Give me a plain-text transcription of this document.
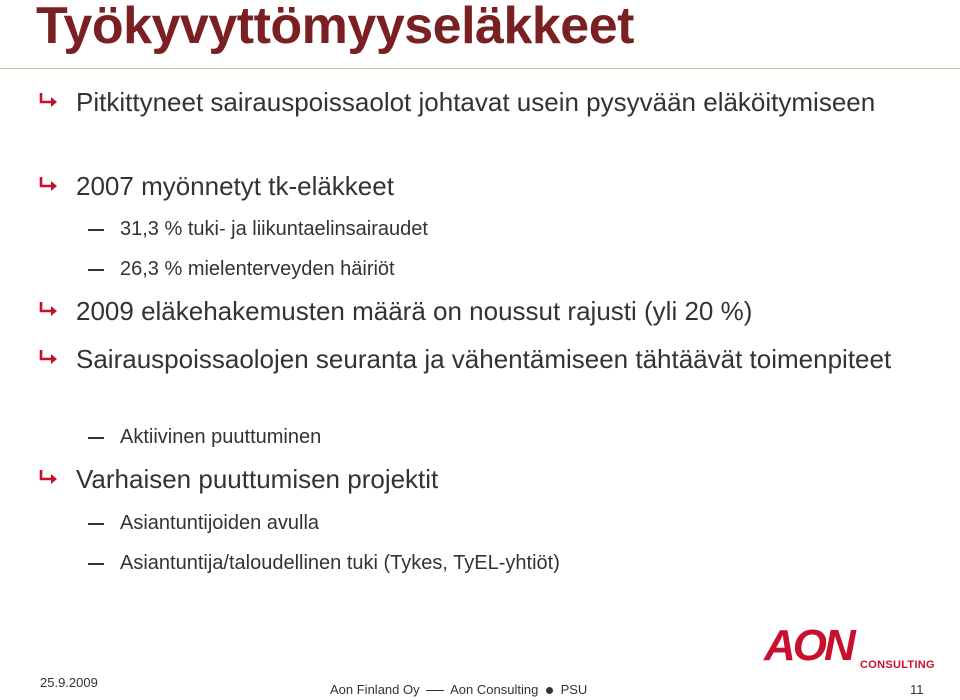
Työkyvyttömyyseläkkeet
Pitkittyneet sairauspoissaolot johtavat usein pysyvään eläköitymiseen
2007 myönnetyt tk-eläkkeet
31,3 % tuki- ja liikuntaelinsairaudet
26,3 % mielenterveyden häiriöt
2009 eläkehakemusten määrä on noussut rajusti (yli 20 %)
Sairauspoissaolojen seuranta ja vähentämiseen tähtäävät toimenpiteet
Aktiivinen puuttuminen
Varhaisen puuttumisen projektit
Asiantuntijoiden avulla
Asiantuntija/taloudellinen tuki (Tykes, TyEL-yhtiöt)
AON CONSULTING
25.9.2009	Aon Finland Oy Aon Consulting PSU	11
